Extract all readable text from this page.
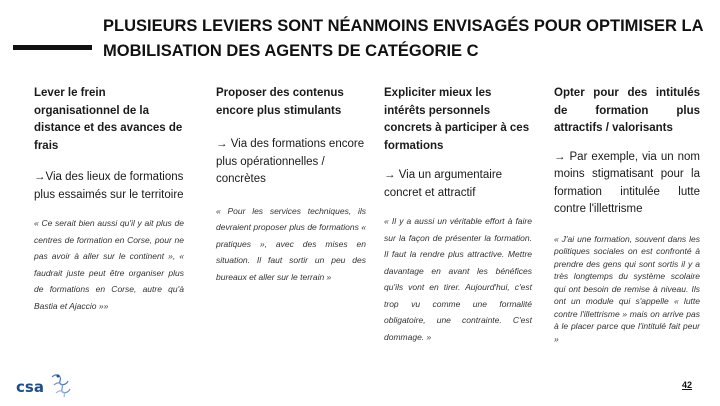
PLUSIEURS LEVIERS SONT NÉANMOINS ENVISAGÉS POUR OPTIMISER LA MOBILISATION DES AGENTS DE CATÉGORIE C

Lever le frein organisationnel de la distance et des avances de frais

→Via des lieux de formations plus essaimés sur le territoire

« Ce serait bien aussi qu'il y ait plus de centres de formation en Corse, pour ne pas avoir à aller sur le continent », « faudrait juste peut être organiser plus de formations en Corse, autre qu'à Bastia et Ajaccio »»

Proposer des contenus encore plus stimulants

→ Via des formations encore plus opérationnelles / concrètes

« Pour les services techniques, ils devraient proposer plus de formations « pratiques », avec des mises en situation. Il faut sortir un peu des bureaux et aller sur le terrain »

Expliciter mieux les intérêts personnels concrets à participer à ces formations

→ Via un argumentaire concret et attractif

« Il y a aussi un véritable effort à faire sur la façon de présenter la formation. Il faut la rendre plus attractive. Mettre davantage en avant les bénéfices qu'ils vont en tirer. Aujourd'hui, c'est trop vu comme une formalité obligatoire, une contrainte. C'est dommage. »

Opter pour des intitulés de formation plus attractifs / valorisants

→ Par exemple, via un nom moins stigmatisant pour la formation intitulée lutte contre l'illettrisme

« J'ai une formation, souvent dans les politiques sociales on est confronté à prendre des gens qui sont sortis il y a très longtemps du système scolaire qui ont besoin de remise à niveau. Ils ont un module qui s'appelle « lutte contre l'illettrisme » mais on arrive pas à le placer parce que l'intitulé fait peur »

csa	42
